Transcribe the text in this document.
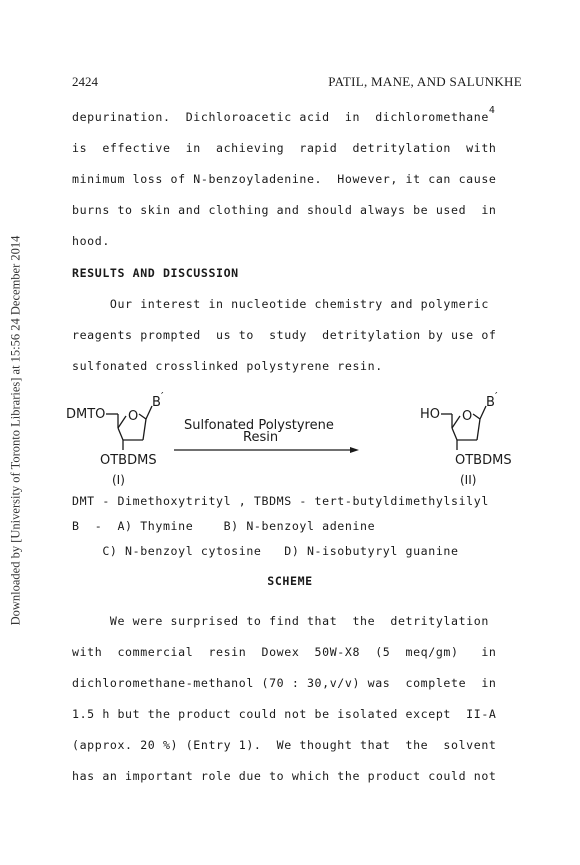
Downloaded by [University of Toronto Libraries] at 15:56 24 December 2014
2424	PATIL, MANE, AND SALUNKHE
depurination.  Dichloroacetic acid  in  dichloromethane4
is  effective  in  achieving  rapid  detritylation  with
minimum loss of N-benzoyladenine.  However, it can cause
burns to skin and clothing and should always be used  in
hood.
RESULTS AND DISCUSSION
Our interest in nucleotide chemistry and polymeric
reagents prompted  us to  study  detritylation by use of
sulfonated crosslinked polystyrene resin.
DMTO O
B ′
OTBDMS
(I)
Sulfonated Polystyrene
Resin
HO O
B ′
OTBDMS
(II)
DMT - Dimethoxytrityl , TBDMS - tert-butyldimethylsilyl
B  -  A) Thymine    B) N-benzoyl adenine
C) N-benzoyl cytosine   D) N-isobutyryl guanine
SCHEME
We were surprised to find that  the  detritylation
with  commercial  resin  Dowex  50W-X8  (5  meq/gm)   in
dichloromethane-methanol (70 : 30,v/v) was  complete  in
1.5 h but the product could not be isolated except  II-A
(approx. 20 %) (Entry 1).  We thought that  the  solvent
has an important role due to which the product could not
